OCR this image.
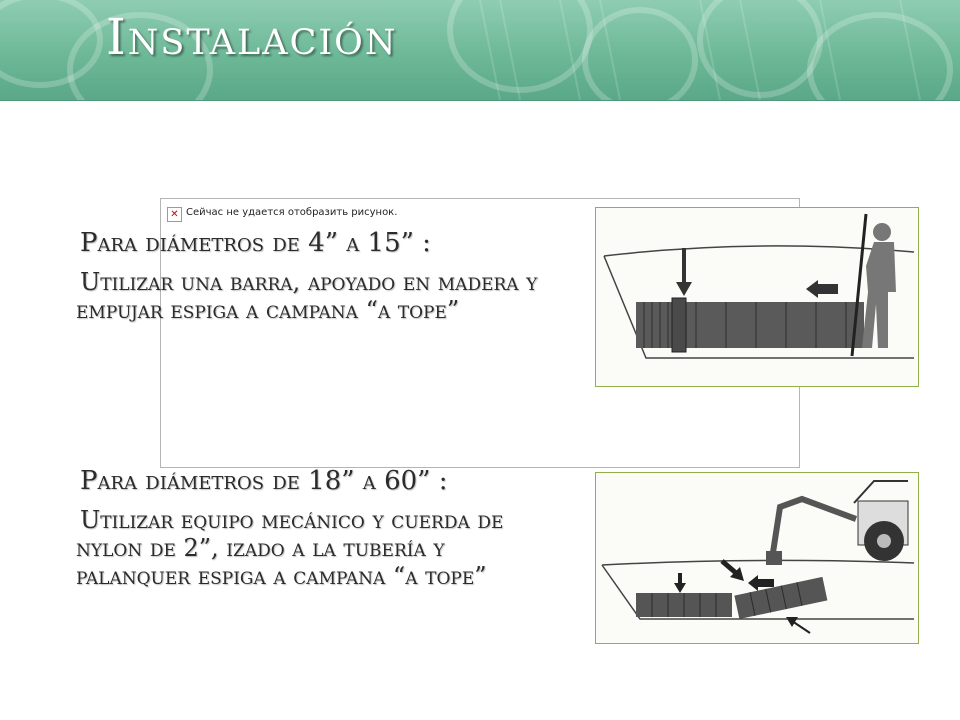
Instalación
✕ Сейчас не удается отобразить рисунок.
Para diámetros de 4” a 15” :
Utilizar una barra, apoyado en madera y empujar espiga a campana “a tope”
Para diámetros de 18” a 60” :
Utilizar equipo mecánico y cuerda de nylon de 2”, izado a la tubería y palanquer espiga a campana “a tope”
